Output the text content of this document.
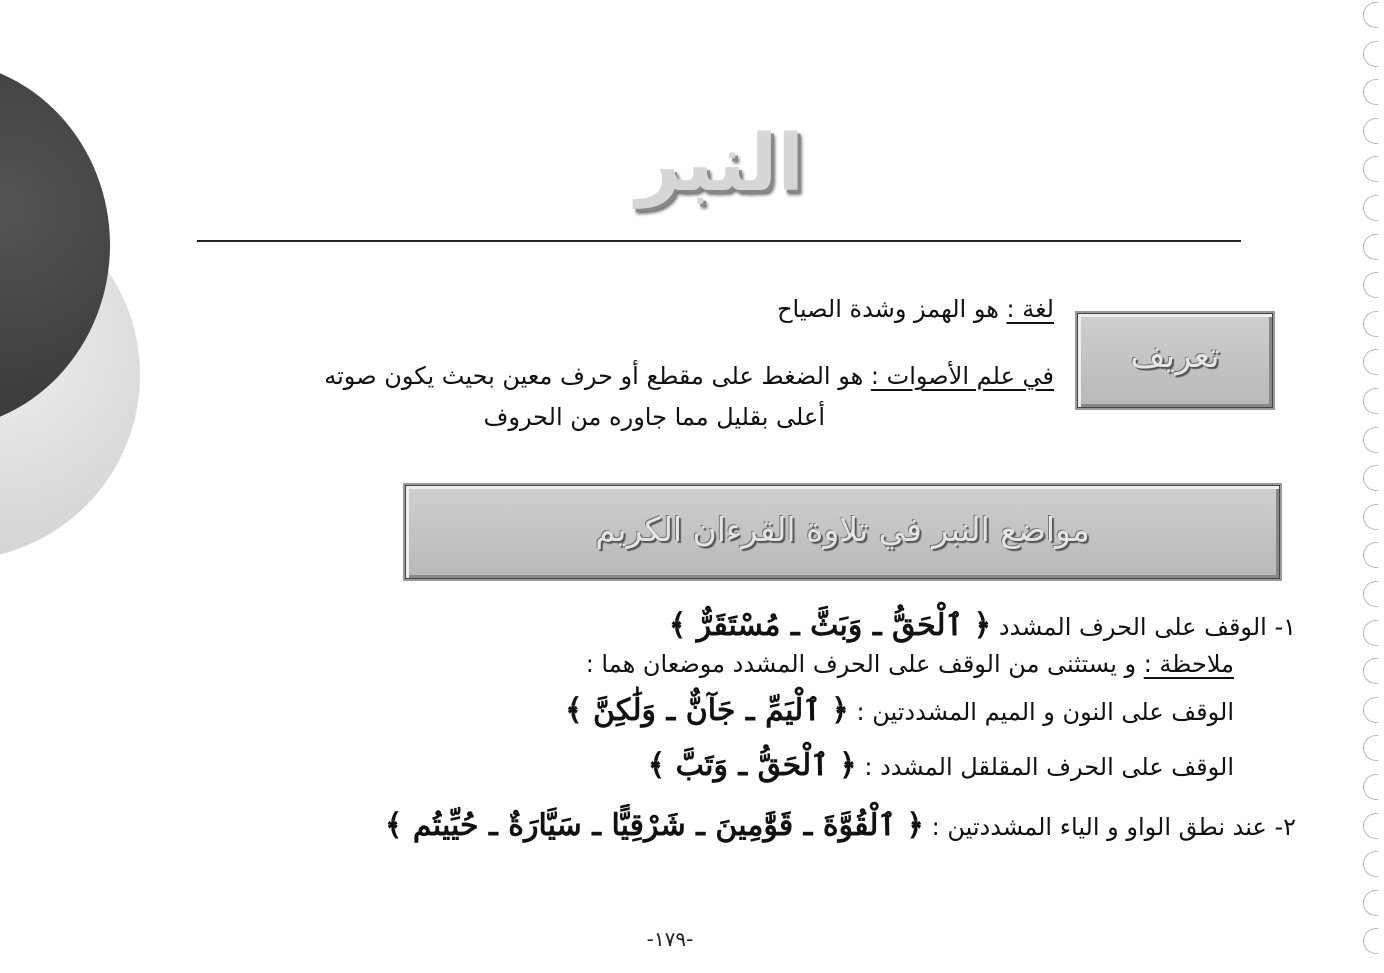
النبر
تعريف
لغة : هو الهمز وشدة الصياح
في علم الأصوات : هو الضغط على مقطع أو حرف معين بحيث يكون صوته
أعلى بقليل مما جاوره من الحروف
مواضع النبر في تلاوة القرءان الكريم
١- الوقف على الحرف المشدد ﴿ ٱلْحَقُّ ـ وَبَثَّ ـ مُسْتَقَرٌّ ﴾
ملاحظة : و يستثنى من الوقف على الحرف المشدد موضعان هما :
الوقف على النون و الميم المشددتين : ﴿ ٱلْيَمِّ ـ جَآنٌّ ـ وَلَٰكِنَّ ﴾
الوقف على الحرف المقلقل المشدد : ﴿ ٱلْحَقُّ ـ وَتَبَّ ﴾
٢- عند نطق الواو و الياء المشددتين : ﴿ ٱلْقُوَّةَ ـ قَوَّٰمِينَ ـ شَرْقِيًّا ـ سَيَّارَةٌ ـ حُيِّيتُم ﴾
-١٧٩-
